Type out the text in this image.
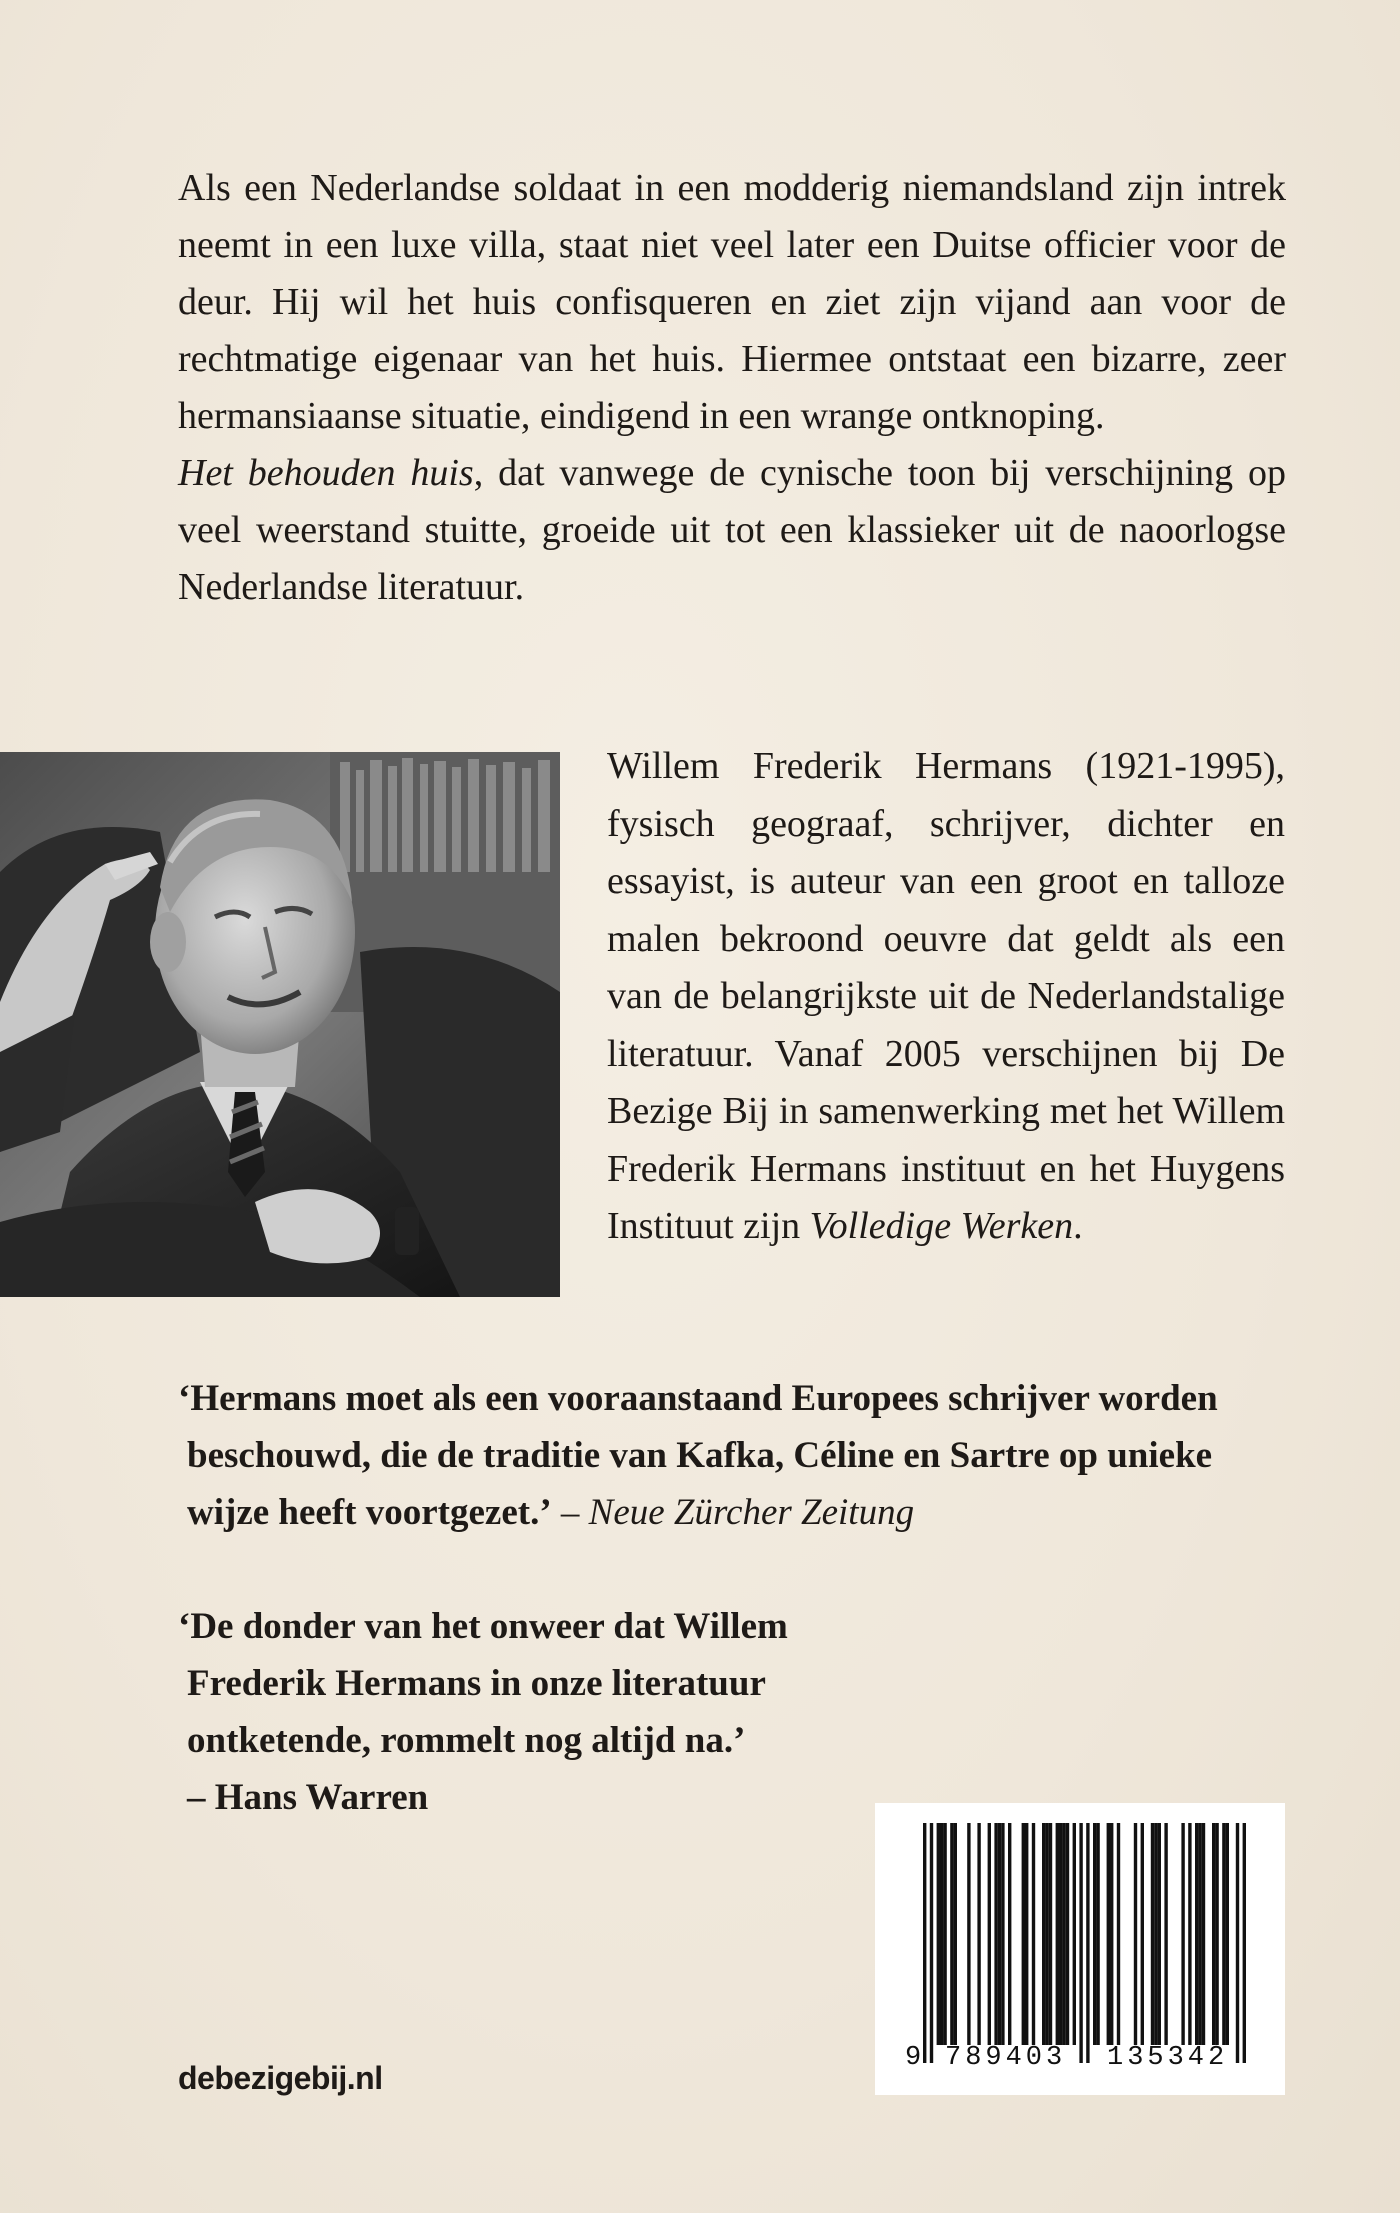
Als een Nederlandse soldaat in een modderig niemandsland zijn intrek neemt in een luxe villa, staat niet veel later een Duitse officier voor de deur. Hij wil het huis confisqueren en ziet zijn vijand aan voor de rechtmatige eigenaar van het huis. Hiermee ontstaat een bizarre, zeer hermansiaanse situatie, eindigend in een wrange ontknoping.

Het behouden huis, dat vanwege de cynische toon bij verschijning op veel weerstand stuitte, groeide uit tot een klassieker uit de naoorlogse Nederlandse literatuur.

Willem Frederik Hermans (1921-1995), fysisch geograaf, schrijver, dichter en essayist, is auteur van een groot en talloze malen bekroond oeuvre dat geldt als een van de belangrijkste uit de Nederlandstalige literatuur. Vanaf 2005 verschijnen bij De Bezige Bij in samenwerking met het Willem Frederik Hermans instituut en het Huygens Instituut zijn Volledige Werken.

‘Hermans moet als een vooraanstaand Europees schrijver worden beschouwd, die de traditie van Kafka, Céline en Sartre op unieke wijze heeft voortgezet.’ – Neue Zürcher Zeitung

‘De donder van het onweer dat Willem Frederik Hermans in onze literatuur ontketende, rommelt nog altijd na.’
– Hans Warren

debezigebij.nl
9 789403 135342
